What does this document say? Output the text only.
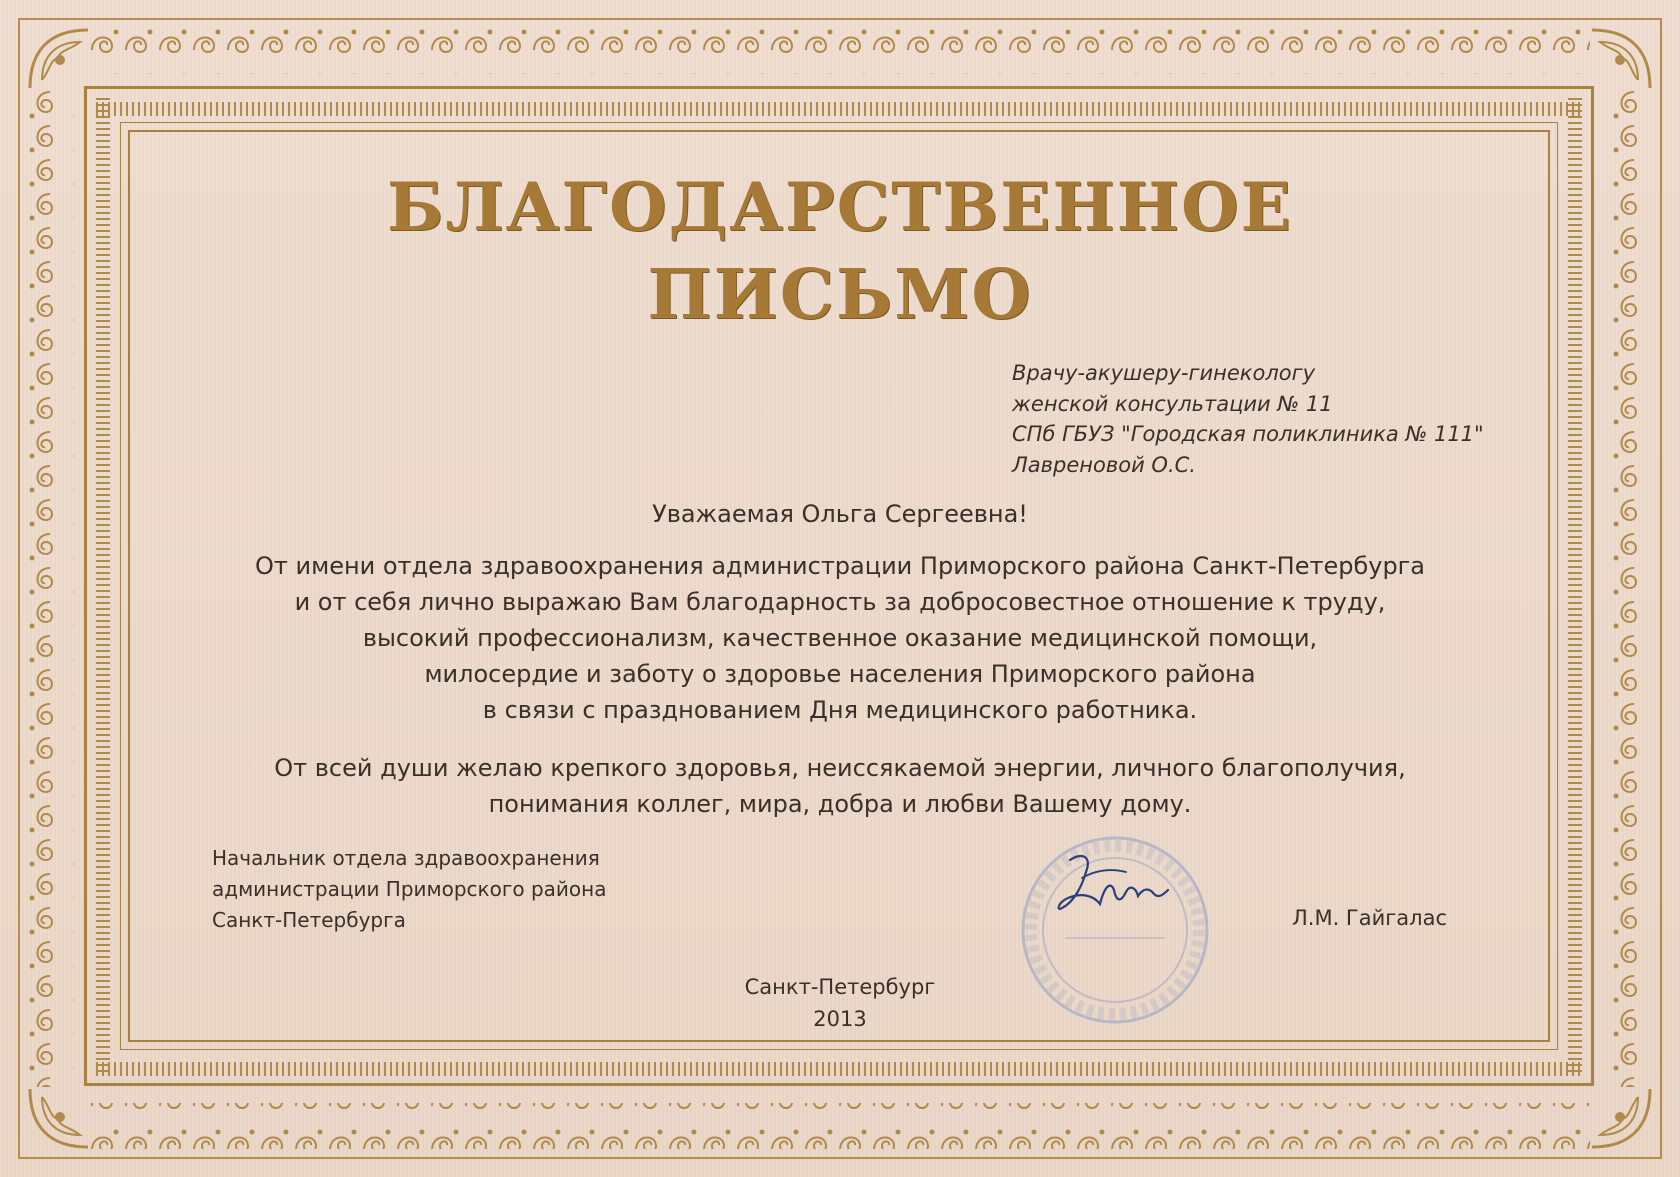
БЛАГОДАРСТВЕННОЕ
ПИСЬМО
Врачу-акушеру-гинекологу
женской консультации № 11
СПб ГБУЗ "Городская поликлиника № 111"
Лавреновой О.С.
Уважаемая Ольга Сергеевна!
От имени отдела здравоохранения администрации Приморского района Санкт-Петербурга
и от себя лично выражаю Вам благодарность за добросовестное отношение к труду,
высокий профессионализм, качественное оказание медицинской помощи,
милосердие и заботу о здоровье населения Приморского района
в связи с празднованием Дня медицинского работника.
От всей души желаю крепкого здоровья, неиссякаемой энергии, личного благополучия,
понимания коллег, мира, добра и любви Вашему дому.
Начальник отдела здравоохранения
администрации Приморского района
Санкт-Петербурга	Л.М. Гайгалас
Санкт-Петербург
2013
